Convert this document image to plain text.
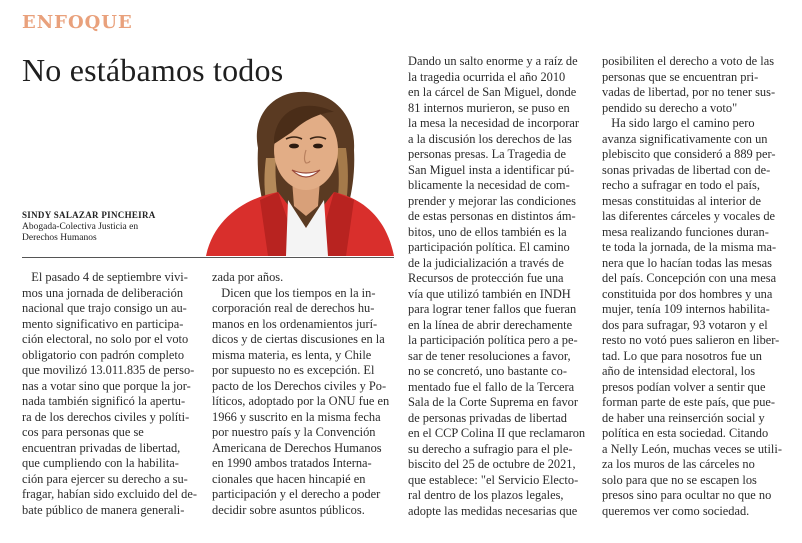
ENFOQUE
No estábamos todos
SINDY SALAZAR PINCHEIRA
Abogada-Colectiva Justicia en
Derechos Humanos
El pasado 4 de septiembre vivi-
mos una jornada de deliberación
nacional que trajo consigo un au-
mento significativo en participa-
ción electoral, no solo por el voto
obligatorio con padrón completo
que movilizó 13.011.835 de perso-
nas a votar sino que porque la jor-
nada también significó la apertu-
ra de los derechos civiles y políti-
cos para personas que se
encuentran privadas de libertad,
que cumpliendo con la habilita-
ción para ejercer su derecho a su-
fragar, habían sido excluido del de-
bate público de manera generali-
zada por años.
Dicen que los tiempos en la in-
corporación real de derechos hu-
manos en los ordenamientos jurí-
dicos y de ciertas discusiones en la
misma materia, es lenta, y Chile
por supuesto no es excepción. El
pacto de los Derechos civiles y Po-
líticos, adoptado por la ONU fue en
1966 y suscrito en la misma fecha
por nuestro país y la Convención
Americana de Derechos Humanos
en 1990 ambos tratados Interna-
cionales que hacen hincapié en
participación y el derecho a poder
decidir sobre asuntos públicos.
Dando un salto enorme y a raíz de
la tragedia ocurrida el año 2010
en la cárcel de San Miguel, donde
81 internos murieron, se puso en
la mesa la necesidad de incorporar
a la discusión los derechos de las
personas presas. La Tragedia de
San Miguel insta a identificar pú-
blicamente la necesidad de com-
prender y mejorar las condiciones
de estas personas en distintos ám-
bitos, uno de ellos también es la
participación política. El camino
de la judicialización a través de
Recursos de protección fue una
vía que utilizó también en INDH
para lograr tener fallos que fueran
en la línea de abrir derechamente
la participación política pero a pe-
sar de tener resoluciones a favor,
no se concretó, uno bastante co-
mentado fue el fallo de la Tercera
Sala de la Corte Suprema en favor
de personas privadas de libertad
en el CCP Colina II que reclamaron
su derecho a sufragio para el ple-
biscito del 25 de octubre de 2021,
que establece: "el Servicio Electo-
ral dentro de los plazos legales,
adopte las medidas necesarias que
posibiliten el derecho a voto de las
personas que se encuentran pri-
vadas de libertad, por no tener sus-
pendido su derecho a voto"
Ha sido largo el camino pero
avanza significativamente con un
plebiscito que consideró a 889 per-
sonas privadas de libertad con de-
recho a sufragar en todo el país,
mesas constituidas al interior de
las diferentes cárceles y vocales de
mesa realizando funciones duran-
te toda la jornada, de la misma ma-
nera que lo hacían todas las mesas
del país. Concepción con una mesa
constituida por dos hombres y una
mujer, tenía 109 internos habilita-
dos para sufragar, 93 votaron y el
resto no votó pues salieron en liber-
tad. Lo que para nosotros fue un
año de intensidad electoral, los
presos podían volver a sentir que
forman parte de este país, que pue-
de haber una reinserción social y
política en esta sociedad. Citando
a Nelly León, muchas veces se utili-
za los muros de las cárceles no
solo para que no se escapen los
presos sino para ocultar no que no
queremos ver como sociedad.
